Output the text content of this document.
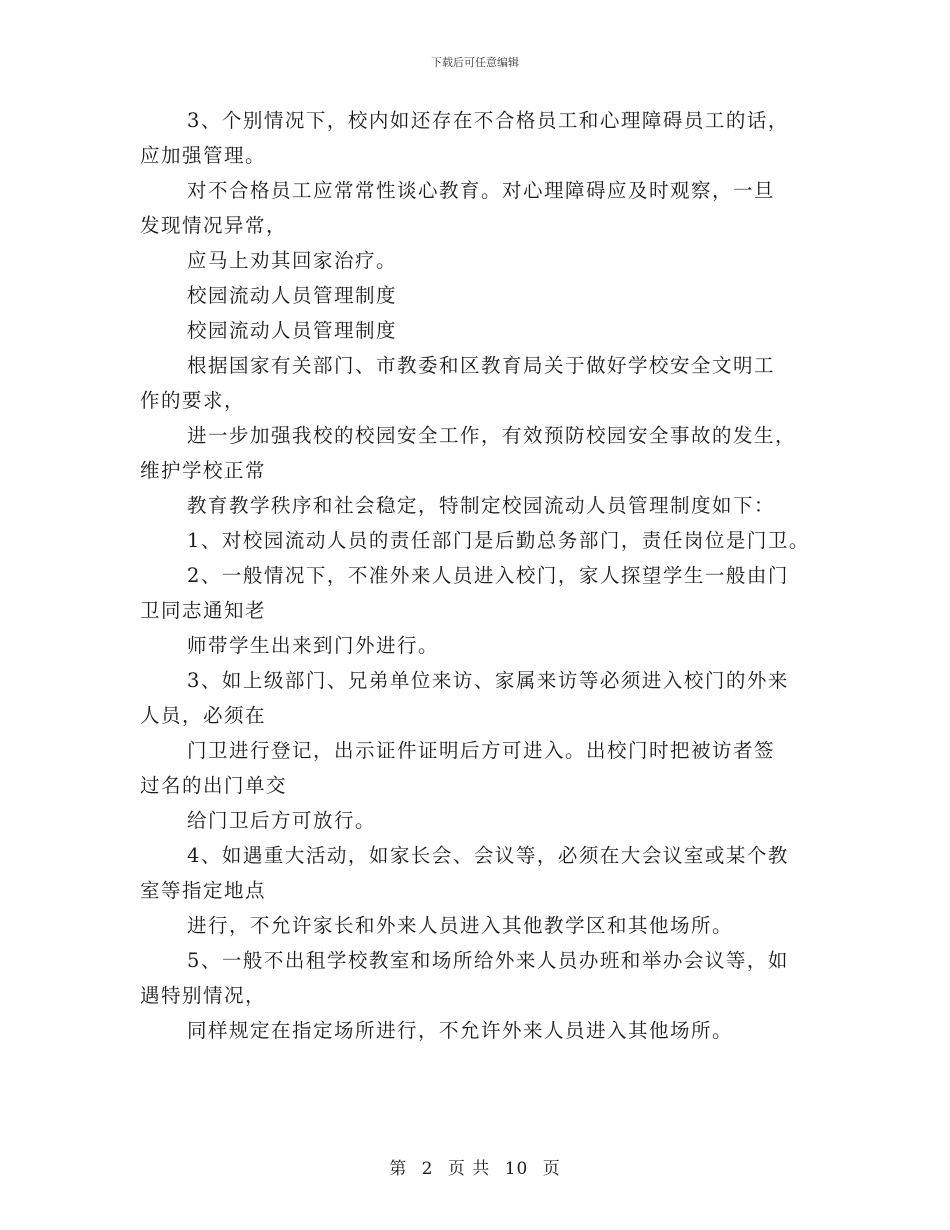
下载后可任意编辑
3、个别情况下，校内如还存在不合格员工和心理障碍员工的话，
应加强管理。
对不合格员工应常常性谈心教育。对心理障碍应及时观察，一旦
发现情况异常，
应马上劝其回家治疗。
校园流动人员管理制度
校园流动人员管理制度
根据国家有关部门、市教委和区教育局关于做好学校安全文明工
作的要求，
进一步加强我校的校园安全工作，有效预防校园安全事故的发生，
维护学校正常
教育教学秩序和社会稳定，特制定校园流动人员管理制度如下：
1、对校园流动人员的责任部门是后勤总务部门，责任岗位是门卫。
2、一般情况下，不准外来人员进入校门，家人探望学生一般由门
卫同志通知老
师带学生出来到门外进行。
3、如上级部门、兄弟单位来访、家属来访等必须进入校门的外来
人员，必须在
门卫进行登记，出示证件证明后方可进入。出校门时把被访者签
过名的出门单交
给门卫后方可放行。
4、如遇重大活动，如家长会、会议等，必须在大会议室或某个教
室等指定地点
进行，不允许家长和外来人员进入其他教学区和其他场所。
5、一般不出租学校教室和场所给外来人员办班和举办会议等，如
遇特别情况，
同样规定在指定场所进行，不允许外来人员进入其他场所。
第 2 页 共 10 页
